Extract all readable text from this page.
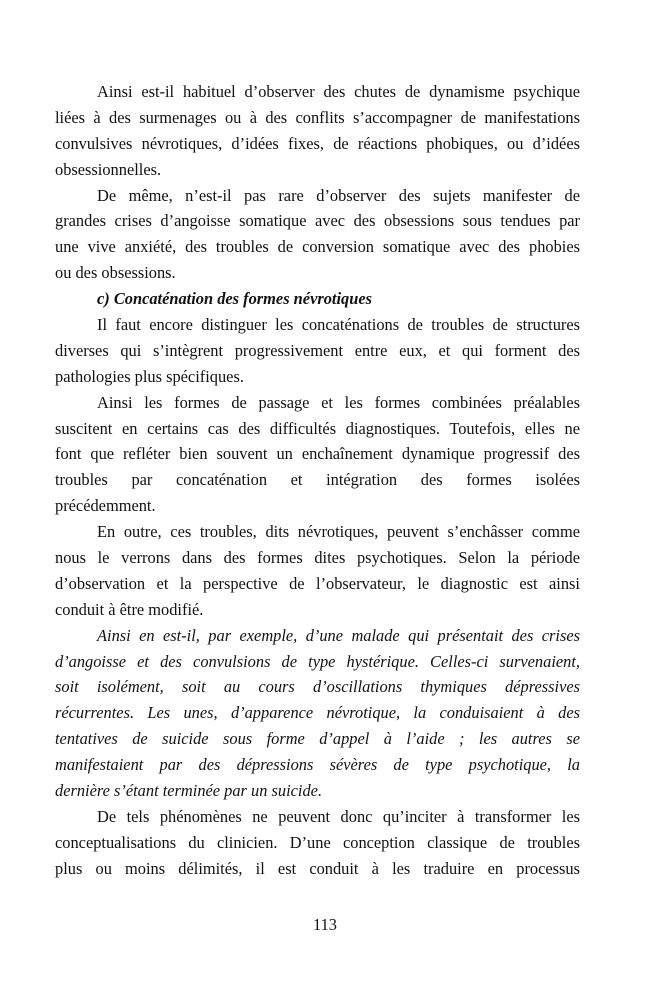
Ainsi est-il habituel d’observer des chutes de dynamisme psychique
liées à des surmenages ou à des conflits s’accompagner de manifestations
convulsives névrotiques, d’idées fixes, de réactions phobiques, ou d’idées
obsessionnelles.
De même, n’est-il pas rare d’observer des sujets manifester de
grandes crises d’angoisse somatique avec des obsessions sous tendues par
une vive anxiété, des troubles de conversion somatique avec des phobies
ou des obsessions.
c) Concaténation des formes névrotiques
Il faut encore distinguer les concaténations de troubles de structures
diverses qui s’intègrent progressivement entre eux, et qui forment des
pathologies plus spécifiques.
Ainsi les formes de passage et les formes combinées préalables
suscitent en certains cas des difficultés diagnostiques. Toutefois, elles ne
font que refléter bien souvent un enchaînement dynamique progressif des
troubles par concaténation et intégration des formes isolées
précédemment.
En outre, ces troubles, dits névrotiques, peuvent s’enchâsser comme
nous le verrons dans des formes dites psychotiques. Selon la période
d’observation et la perspective de l’observateur, le diagnostic est ainsi
conduit à être modifié.
Ainsi en est-il, par exemple, d’une malade qui présentait des crises
d’angoisse et des convulsions de type hystérique. Celles-ci survenaient,
soit isolément, soit au cours d’oscillations thymiques dépressives
récurrentes. Les unes, d’apparence névrotique, la conduisaient à des
tentatives de suicide sous forme d’appel à l’aide ; les autres se
manifestaient par des dépressions sévères de type psychotique, la
dernière s’étant terminée par un suicide.
De tels phénomènes ne peuvent donc qu’inciter à transformer les
conceptualisations du clinicien. D’une conception classique de troubles
plus ou moins délimités, il est conduit à les traduire en processus
113
